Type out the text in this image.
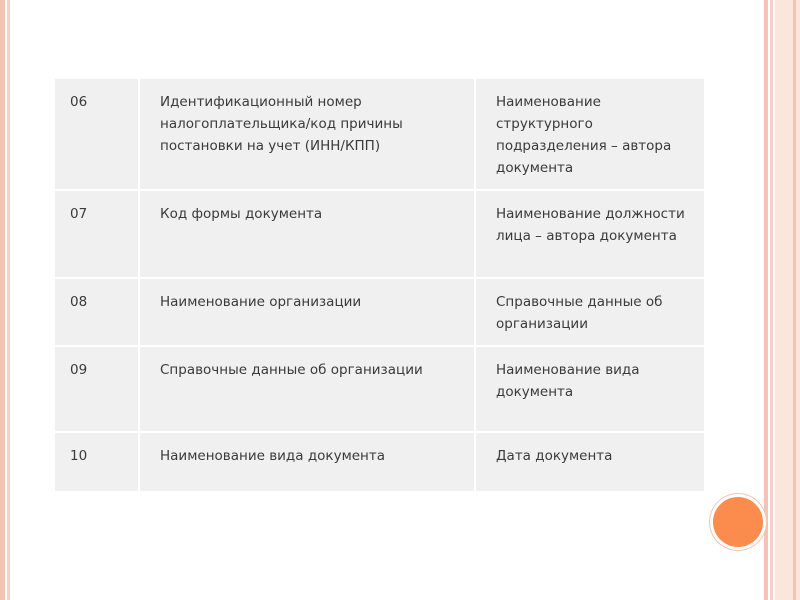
06	Идентификационный номер налогоплательщика/код причины постановки на учет (ИНН/КПП)	Наименование структурного подразделения – автора документа
07	Код формы документа	Наименование должности лица – автора документа
08	Наименование организации	Справочные данные об организации
09	Справочные данные об организации	Наименование вида документа
10	Наименование вида документа	Дата документа
